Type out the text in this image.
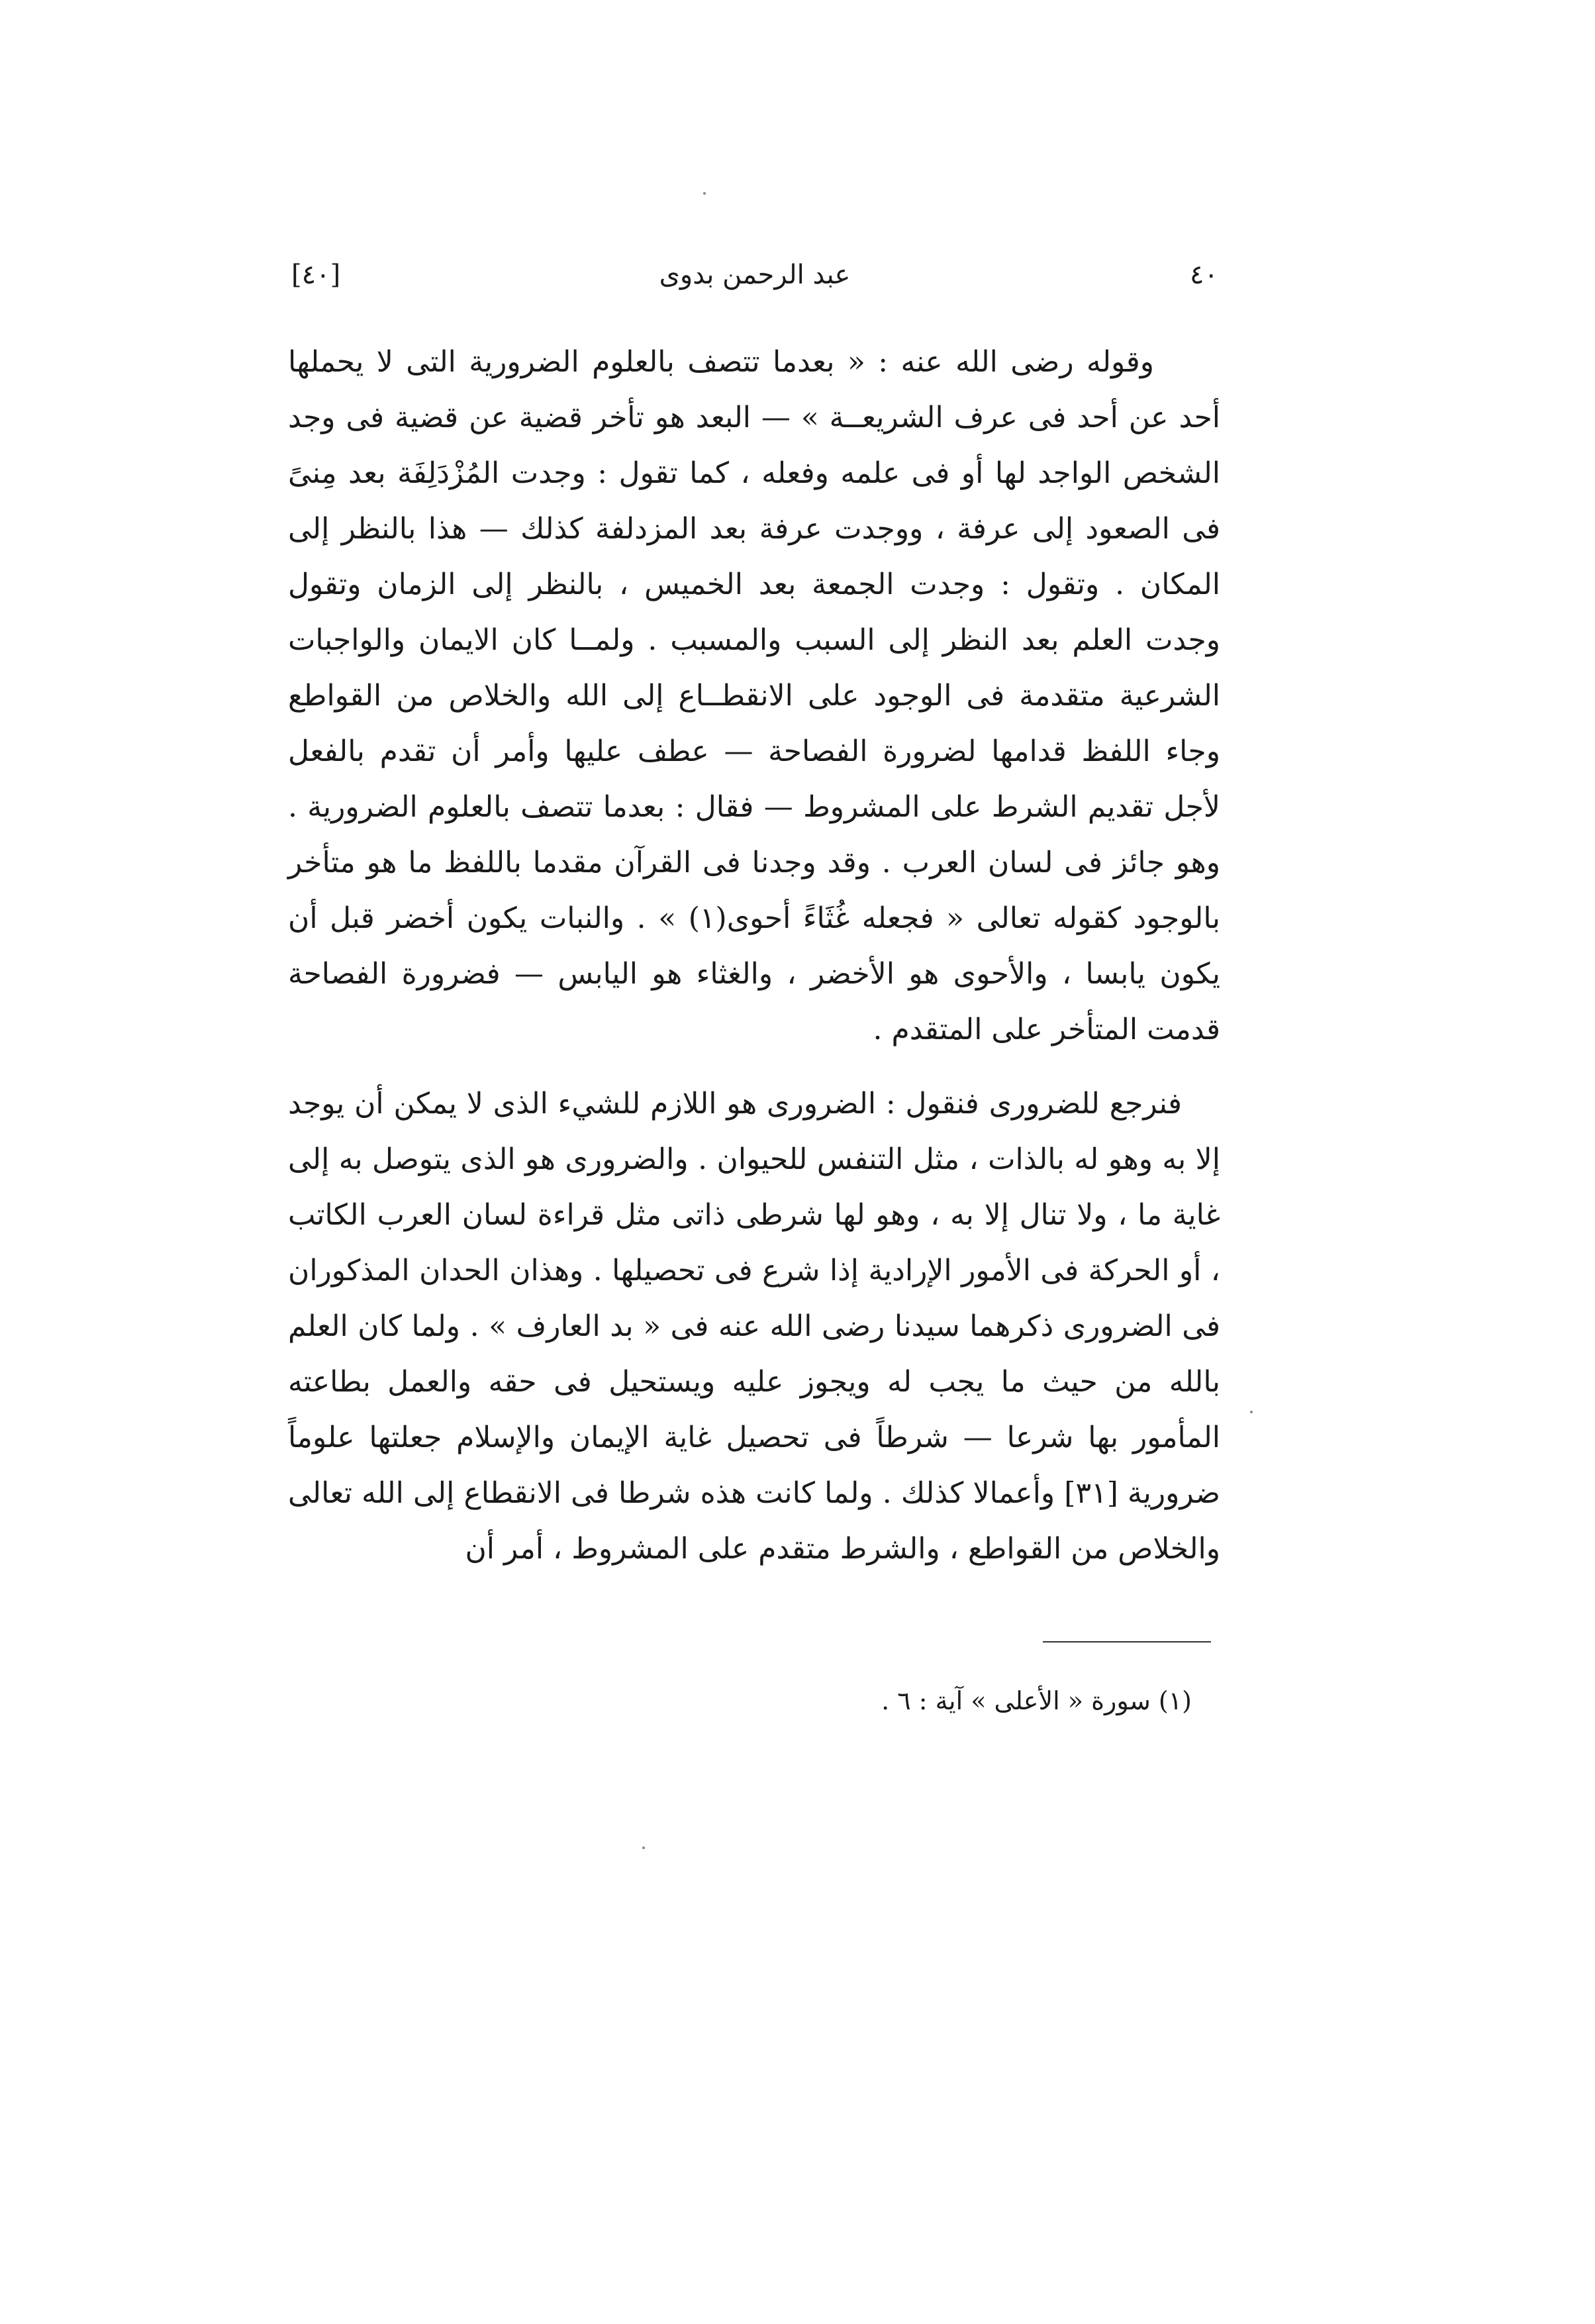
[٤٠]	عبد الرحمن بدوى	٤٠

وقوله رضى الله عنه : « بعدما تتصف بالعلوم الضرورية التى لا يحملها أحد عن أحد فى عرف الشريعــة » — البعد هو تأخر قضية عن قضية فى وجد الشخص الواجد لها أو فى علمه وفعله ، كما تقول : وجدت المُزْدَلِفَة بعد مِنىً فى الصعود إلى عرفة ، ووجدت عرفة بعد المزدلفة كذلك — هذا بالنظر إلى المكان . وتقول : وجدت الجمعة بعد الخميس ، بالنظر إلى الزمان وتقول وجدت العلم بعد النظر إلى السبب والمسبب . ولمــا كان الايمان والواجبات الشرعية متقدمة فى الوجود على الانقطــاع إلى الله والخلاص من القواطع وجاء اللفظ قدامها لضرورة الفصاحة — عطف عليها وأمر أن تقدم بالفعل لأجل تقديم الشرط على المشروط — فقال : بعدما تتصف بالعلوم الضرورية . وهو جائز فى لسان العرب . وقد وجدنا فى القرآن مقدما باللفظ ما هو متأخر بالوجود كقوله تعالى « فجعله غُثَاءً أحوى(١) » . والنبات يكون أخضر قبل أن يكون يابسا ، والأحوى هو الأخضر ، والغثاء هو اليابس — فضرورة الفصاحة قدمت المتأخر على المتقدم .

فنرجع للضرورى فنقول : الضرورى هو اللازم للشيء الذى لا يمكن أن يوجد إلا به وهو له بالذات ، مثل التنفس للحيوان . والضرورى هو الذى يتوصل به إلى غاية ما ، ولا تنال إلا به ، وهو لها شرطى ذاتى مثل قراءة لسان العرب الكاتب ، أو الحركة فى الأمور الإرادية إذا شرع فى تحصيلها . وهذان الحدان المذكوران فى الضرورى ذكرهما سيدنا رضى الله عنه فى « بد العارف » . ولما كان العلم بالله من حيث ما يجب له ويجوز عليه ويستحيل فى حقه والعمل بطاعته المأمور بها شرعا — شرطاً فى تحصيل غاية الإيمان والإسلام جعلتها علوماً ضرورية [٣١] وأعمالا كذلك . ولما كانت هذه شرطا فى الانقطاع إلى الله تعالى والخلاص من القواطع ، والشرط متقدم على المشروط ، أمر أن

(١) سورة « الأعلى » آية : ٦ .
